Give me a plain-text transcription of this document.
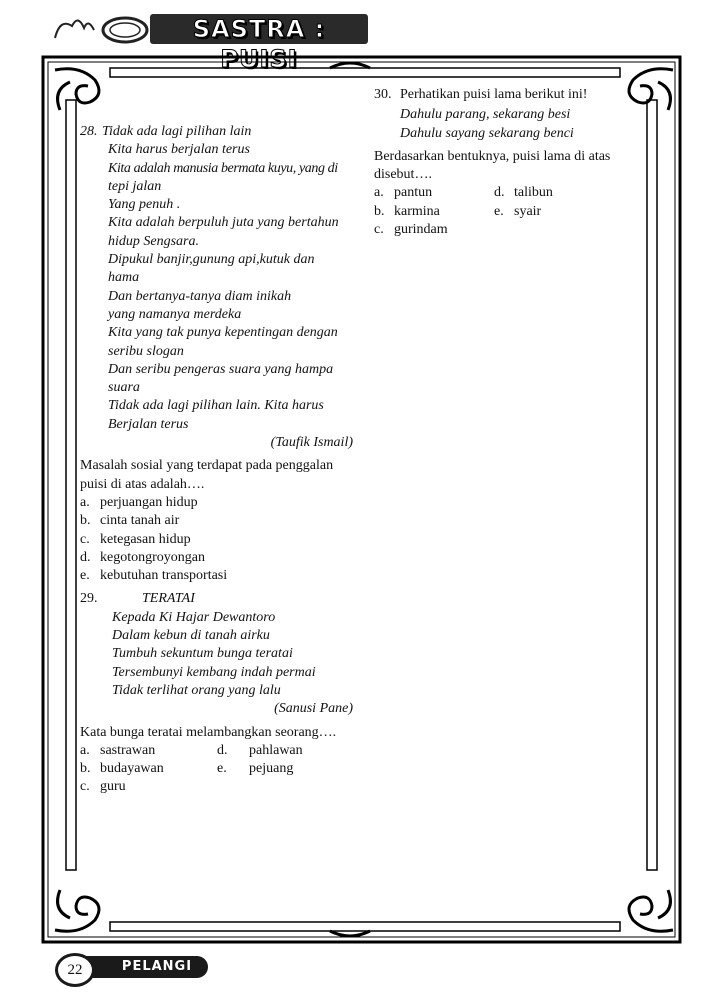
SASTRA : PUISI
28. Tidak ada lagi pilihan lain
Kita harus berjalan terus
Kita adalah manusia bermata kuyu, yang di
tepi jalan
Yang penuh .
Kita adalah berpuluh juta yang bertahun
hidup Sengsara.
Dipukul banjir,gunung api,kutuk dan
hama
Dan bertanya-tanya diam inikah
yang namanya merdeka
Kita yang tak punya kepentingan dengan
seribu slogan
Dan seribu pengeras suara yang hampa
suara
Tidak ada lagi pilihan lain. Kita harus
Berjalan terus
(Taufik Ismail)
Masalah sosial yang terdapat pada penggalan
puisi di atas adalah….
a. perjuangan hidup
b. cinta tanah air
c. ketegasan hidup
d. kegotongroyongan
e. kebutuhan transportasi
29.	TERATAI
Kepada Ki Hajar Dewantoro
Dalam kebun di tanah airku
Tumbuh sekuntum bunga teratai
Tersembunyi kembang indah permai
Tidak terlihat orang yang lalu
(Sanusi Pane)
Kata bunga teratai melambangkan seorang….
a. sastrawan	d. pahlawan
b. budayawan	e. pejuang
c. guru
30. Perhatikan puisi lama berikut ini!
Dahulu parang, sekarang besi
Dahulu sayang sekarang benci
Berdasarkan bentuknya, puisi lama di atas
disebut….
a. pantun	d. talibun
b. karmina	e. syair
c. gurindam
22	PELANGI
